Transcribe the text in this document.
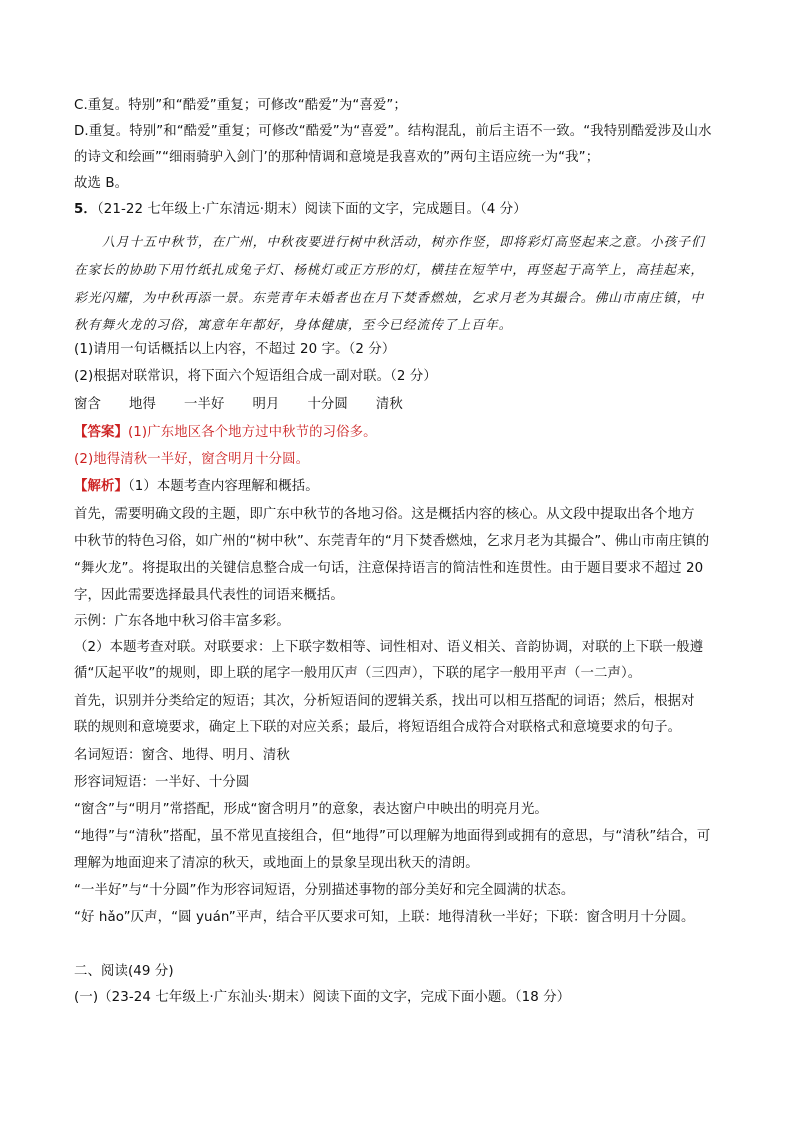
C.重复。特别”和“酷爱”重复；可修改“酷爱”为“喜爱”；
D.重复。特别”和“酷爱”重复；可修改“酷爱”为“喜爱”。结构混乱，前后主语不一致。“我特别酷爱涉及山水
的诗文和绘画”“细雨骑驴入剑门’的那种情调和意境是我喜欢的”两句主语应统一为“我”；
故选 B。
5．（21-22 七年级上·广东清远·期末）阅读下面的文字，完成题目。（4 分）
八月十五中秋节，在广州，中秋夜要进行树中秋活动，树亦作竖，即将彩灯高竖起来之意。小孩子们
在家长的协助下用竹纸扎成兔子灯、杨桃灯或正方形的灯，横挂在短竿中，再竖起于高竿上，高挂起来，
彩光闪耀，为中秋再添一景。东莞青年未婚者也在月下焚香燃烛，乞求月老为其撮合。佛山市南庄镇，中
秋有舞火龙的习俗，寓意年年都好，身体健康，至今已经流传了上百年。
(1)请用一句话概括以上内容，不超过 20 字。（2 分）
(2)根据对联常识，将下面六个短语组合成一副对联。（2 分）
窗含 地得 一半好 明月 十分圆 清秋
【答案】(1)广东地区各个地方过中秋节的习俗多。
(2)地得清秋一半好，窗含明月十分圆。
【解析】（1）本题考查内容理解和概括。
首先，需要明确文段的主题，即广东中秋节的各地习俗。这是概括内容的核心。从文段中提取出各个地方
中秋节的特色习俗，如广州的“树中秋”、东莞青年的“月下焚香燃烛，乞求月老为其撮合”、佛山市南庄镇的
“舞火龙”。将提取出的关键信息整合成一句话，注意保持语言的简洁性和连贯性。由于题目要求不超过 20
字，因此需要选择最具代表性的词语来概括。
示例：广东各地中秋习俗丰富多彩。
（2）本题考查对联。对联要求：上下联字数相等、词性相对、语义相关、音韵协调，对联的上下联一般遵
循“仄起平收”的规则，即上联的尾字一般用仄声（三四声），下联的尾字一般用平声（一二声）。
首先，识别并分类给定的短语；其次，分析短语间的逻辑关系，找出可以相互搭配的词语；然后，根据对
联的规则和意境要求，确定上下联的对应关系；最后，将短语组合成符合对联格式和意境要求的句子。
名词短语：窗含、地得、明月、清秋
形容词短语：一半好、十分圆
“窗含”与“明月”常搭配，形成“窗含明月”的意象，表达窗户中映出的明亮月光。
“地得”与“清秋”搭配，虽不常见直接组合，但“地得”可以理解为地面得到或拥有的意思，与“清秋”结合，可
理解为地面迎来了清凉的秋天，或地面上的景象呈现出秋天的清朗。
“一半好”与“十分圆”作为形容词短语，分别描述事物的部分美好和完全圆满的状态。
“好 hǎo”仄声，“圆 yuán”平声，结合平仄要求可知，上联：地得清秋一半好；下联：窗含明月十分圆。
二、阅读(49 分)
(一)（23-24 七年级上·广东汕头·期末）阅读下面的文字，完成下面小题。（18 分）
